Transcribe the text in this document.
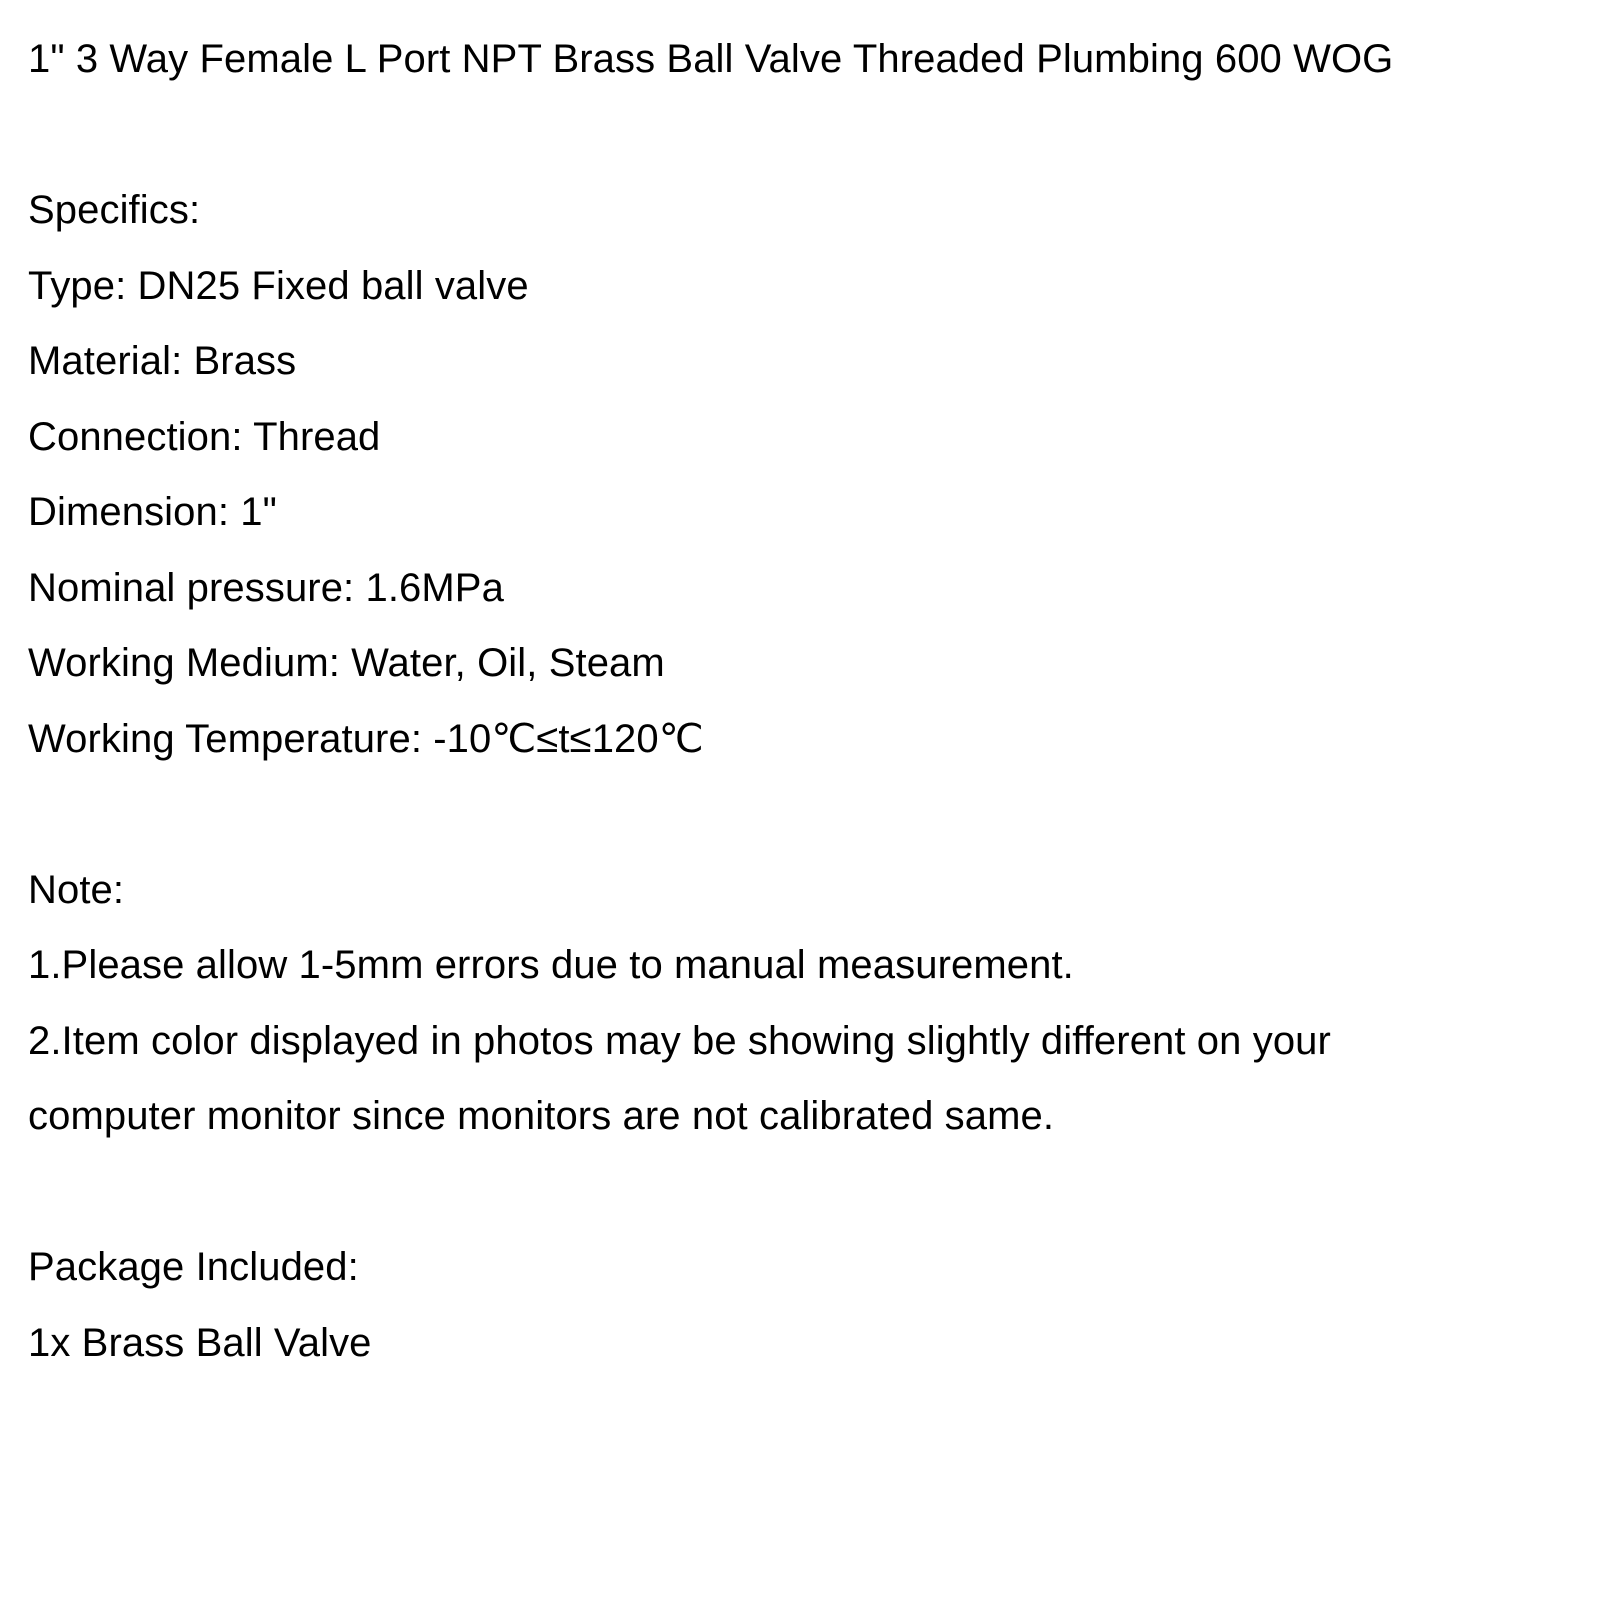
1" 3 Way Female L Port NPT Brass Ball Valve Threaded Plumbing 600 WOG
Specifics:
Type: DN25 Fixed ball valve
Material: Brass
Connection: Thread
Dimension: 1"
Nominal pressure: 1.6MPa
Working Medium: Water, Oil, Steam
Working Temperature: -10℃≤t≤120℃
Note:
1.Please allow 1-5mm errors due to manual measurement.
2.Item color displayed in photos may be showing slightly different on your
computer monitor since monitors are not calibrated same.
Package Included:
1x Brass Ball Valve
